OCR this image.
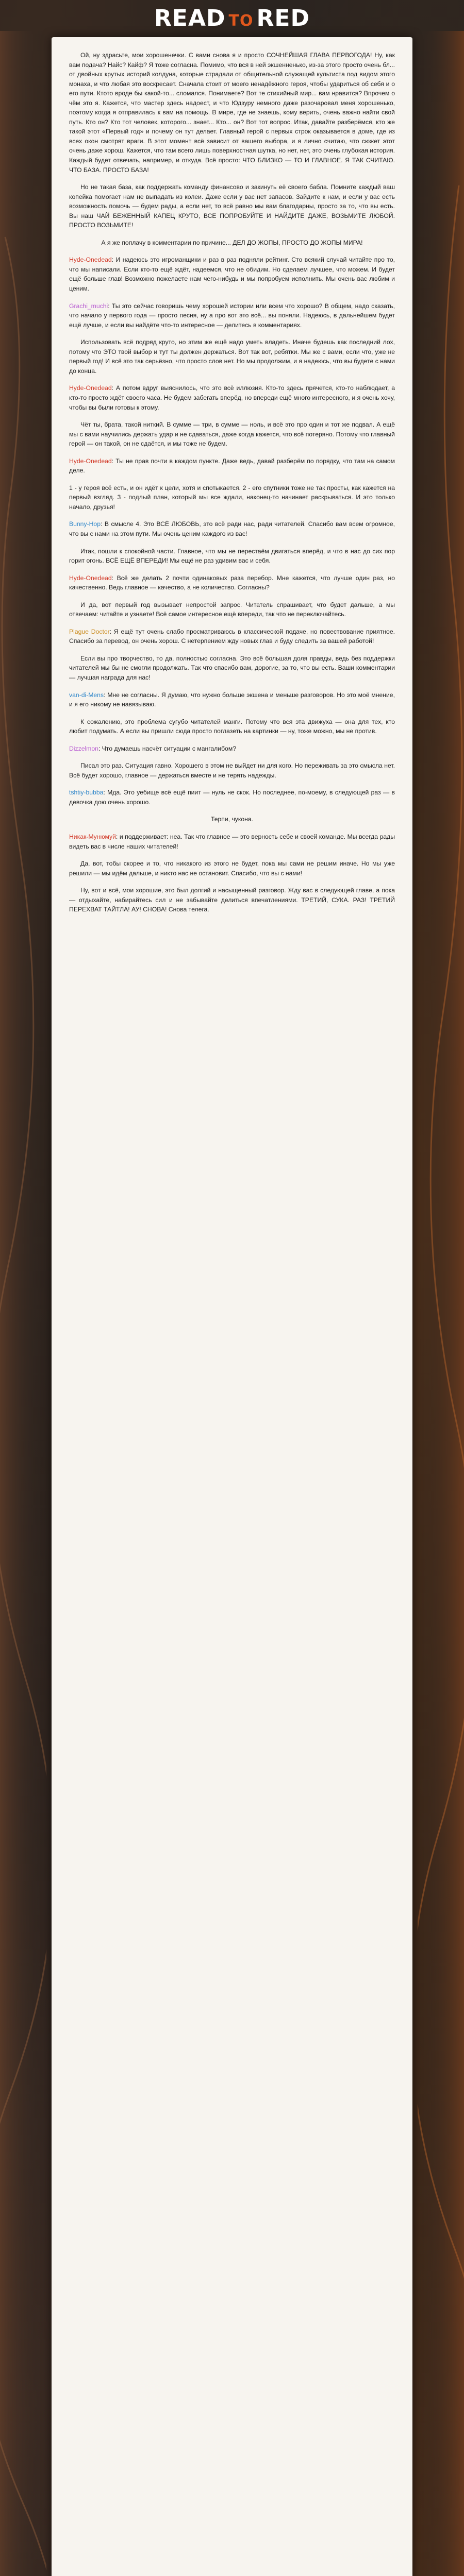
READ TO RED

Ой, ну здрасьте, мои хорошенечки. С вами снова я и просто СОЧНЕЙШАЯ ГЛАВА ПЕРВОГОДА! Ну, как вам подача? Найс? Кайф? Я тоже согласна. Помимо, что вся в ней экшенненько, из-за этого просто очень бл... от двойных крутых историй колдуна, которые страдали от общительной служащей культиста под видом этого монаха, и что любая это воскресает. Сначала стоит от моего ненадёжного героя, чтобы удариться об себя и о его пути. Ктото вроде бы какой-то... сломался. Понимаете? Вот те стихийный мир... вам нравится? Впрочем о чём это я. Кажется, что мастер здесь надоест, и что Юдзуру немного даже разочаровал меня хорошенько, поэтому когда я отправилась к вам на помощь. В мире, где не знаешь, кому верить, очень важно найти свой путь. Кто он? Кто тот человек, которого... знает... Кто... он? Вот тот вопрос. Итак, давайте разберёмся, кто же такой этот «Первый год» и почему он тут делает. Главный герой с первых строк оказывается в доме, где из всех окон смотрят враги. В этот момент всё зависит от вашего выбора, и я лично считаю, что сюжет этот очень даже хорош. Кажется, что там всего лишь поверхностная шутка, но нет, нет, это очень глубокая история. Каждый будет отвечать, например, и откуда. Всё просто: ЧТО БЛИЗКО — ТО И ГЛАВНОЕ. Я ТАК СЧИТАЮ. ЧТО БАЗА. ПРОСТО БАЗА!

Но не такая база, как поддержать команду финансово и закинуть её своего бабла. Помните каждый ваш копейка помогает нам не выпадать из колеи. Даже если у вас нет запасов. Зайдите к нам, и если у вас есть возможность помочь — будем рады, а если нет, то всё равно мы вам благодарны, просто за то, что вы есть. Вы наш ЧАЙ БЕЖЕННЫЙ КАПЕЦ КРУТО, ВСЕ ПОПРОБУЙТЕ И НАЙДИТЕ ДАЖЕ, ВОЗЬМИТЕ ЛЮБОЙ. ПРОСТО ВОЗЬМИТЕ!

А я же поплачу в комментарии по причине... ДЕЛ ДО ЖОПЫ, ПРОСТО ДО ЖОПЫ МИРА!

Hyde-Onedead: И надеюсь это игроманщики и раз в раз подняли рейтинг. Сто всякий случай читайте про то, что мы написали. Если кто-то ещё ждёт, надеемся, что не обидим. Но сделаем лучшее, что можем. И будет ещё больше глав! Возможно пожелаете нам чего-нибудь и мы попробуем исполнить. Мы очень вас любим и ценим.

Grachi_muchi: Ты это сейчас говоришь чему хорошей истории или всем что хорошо? В общем, надо сказать, что начало у первого года — просто песня, ну а про вот это всё... вы поняли. Надеюсь, в дальнейшем будет ещё лучше, и если вы найдёте что-то интересное — делитесь в комментариях.

Использовать всё подряд круто, но этим же ещё надо уметь владеть. Иначе будешь как последний лох, потому что ЭТО твой выбор и тут ты должен держаться. Вот так вот, ребятки. Мы же с вами, если что, уже не первый год! И всё это так серьёзно, что просто слов нет. Но мы продолжим, и я надеюсь, что вы будете с нами до конца.

Hyde-Onedead: А потом вдруг выяснилось, что это всё иллюзия. Кто-то здесь прячется, кто-то наблюдает, а кто-то просто ждёт своего часа. Не будем забегать вперёд, но впереди ещё много интересного, и я очень хочу, чтобы вы были готовы к этому.

Чёт ты, брата, такой ниткий. В сумме — три, в сумме — ноль, и всё это про один и тот же подвал. А ещё мы с вами научились держать удар и не сдаваться, даже когда кажется, что всё потеряно. Потому что главный герой — он такой, он не сдаётся, и мы тоже не будем.

Hyde-Onedead: Ты не прав почти в каждом пункте. Даже ведь, давай разберём по порядку, что там на самом деле.

1 - у героя всё есть, и он идёт к цели, хотя и спотыкается. 2 - его спутники тоже не так просты, как кажется на первый взгляд. 3 - подлый план, который мы все ждали, наконец-то начинает раскрываться. И это только начало, друзья!

Bunny-Hop: В смысле 4. Это ВСЁ ЛЮБОВЬ, это всё ради нас, ради читателей. Спасибо вам всем огромное, что вы с нами на этом пути. Мы очень ценим каждого из вас!

Итак, пошли к спокойной части. Главное, что мы не перестаём двигаться вперёд, и что в нас до сих пор горит огонь. ВСЁ ЕЩЁ ВПЕРЕДИ! Мы ещё не раз удивим вас и себя.

Hyde-Onedead: Всё же делать 2 почти одинаковых раза перебор. Мне кажется, что лучше один раз, но качественно. Ведь главное — качество, а не количество. Согласны?

И да, вот первый год вызывает непростой запрос. Читатель спрашивает, что будет дальше, а мы отвечаем: читайте и узнаете! Всё самое интересное ещё впереди, так что не переключайтесь.

Plague Doctor: Я ещё тут очень слабо просматриваюсь в классической подаче, но повествование приятное. Спасибо за перевод, он очень хорош. С нетерпением жду новых глав и буду следить за вашей работой!

Если вы про творчество, то да, полностью согласна. Это всё большая доля правды, ведь без поддержки читателей мы бы не смогли продолжать. Так что спасибо вам, дорогие, за то, что вы есть. Ваши комментарии — лучшая награда для нас!

van-di-Mens: Мне не согласны. Я думаю, что нужно больше экшена и меньше разговоров. Но это моё мнение, и я его никому не навязываю.

К сожалению, это проблема сугубо читателей манги. Потому что вся эта движуха — она для тех, кто любит подумать. А если вы пришли сюда просто поглазеть на картинки — ну, тоже можно, мы не против.

Dizzelmon: Что думаешь насчёт ситуации с мангалибом?

Писал это раз. Ситуация гавно. Хорошего в этом не выйдет ни для кого. Но переживать за это смысла нет. Всё будет хорошо, главное — держаться вместе и не терять надежды.

tshtiy-bubba: Мда. Это уебище всё ещё пиит — нуль не скок. Но последнее, по-моему, в следующей раз — в девочка дою очень хорошо.

Терпи, чукона.

Никак-Мунюмуй: и поддерживает: неа. Так что главное — это верность себе и своей команде. Мы всегда рады видеть вас в числе наших читателей!

Да, вот, тобы скорее и то, что никакого из этого не будет, пока мы сами не решим иначе. Но мы уже решили — мы идём дальше, и никто нас не остановит. Спасибо, что вы с нами!

Ну, вот и всё, мои хорошие, это был долгий и насыщенный разговор. Жду вас в следующей главе, а пока — отдыхайте, набирайтесь сил и не забывайте делиться впечатлениями. ТРЕТИЙ, СУКА. РАЗ! ТРЕТИЙ ПЕРЕХВАТ ТАЙТЛА! АУ! СНОВА! Снова телега.
